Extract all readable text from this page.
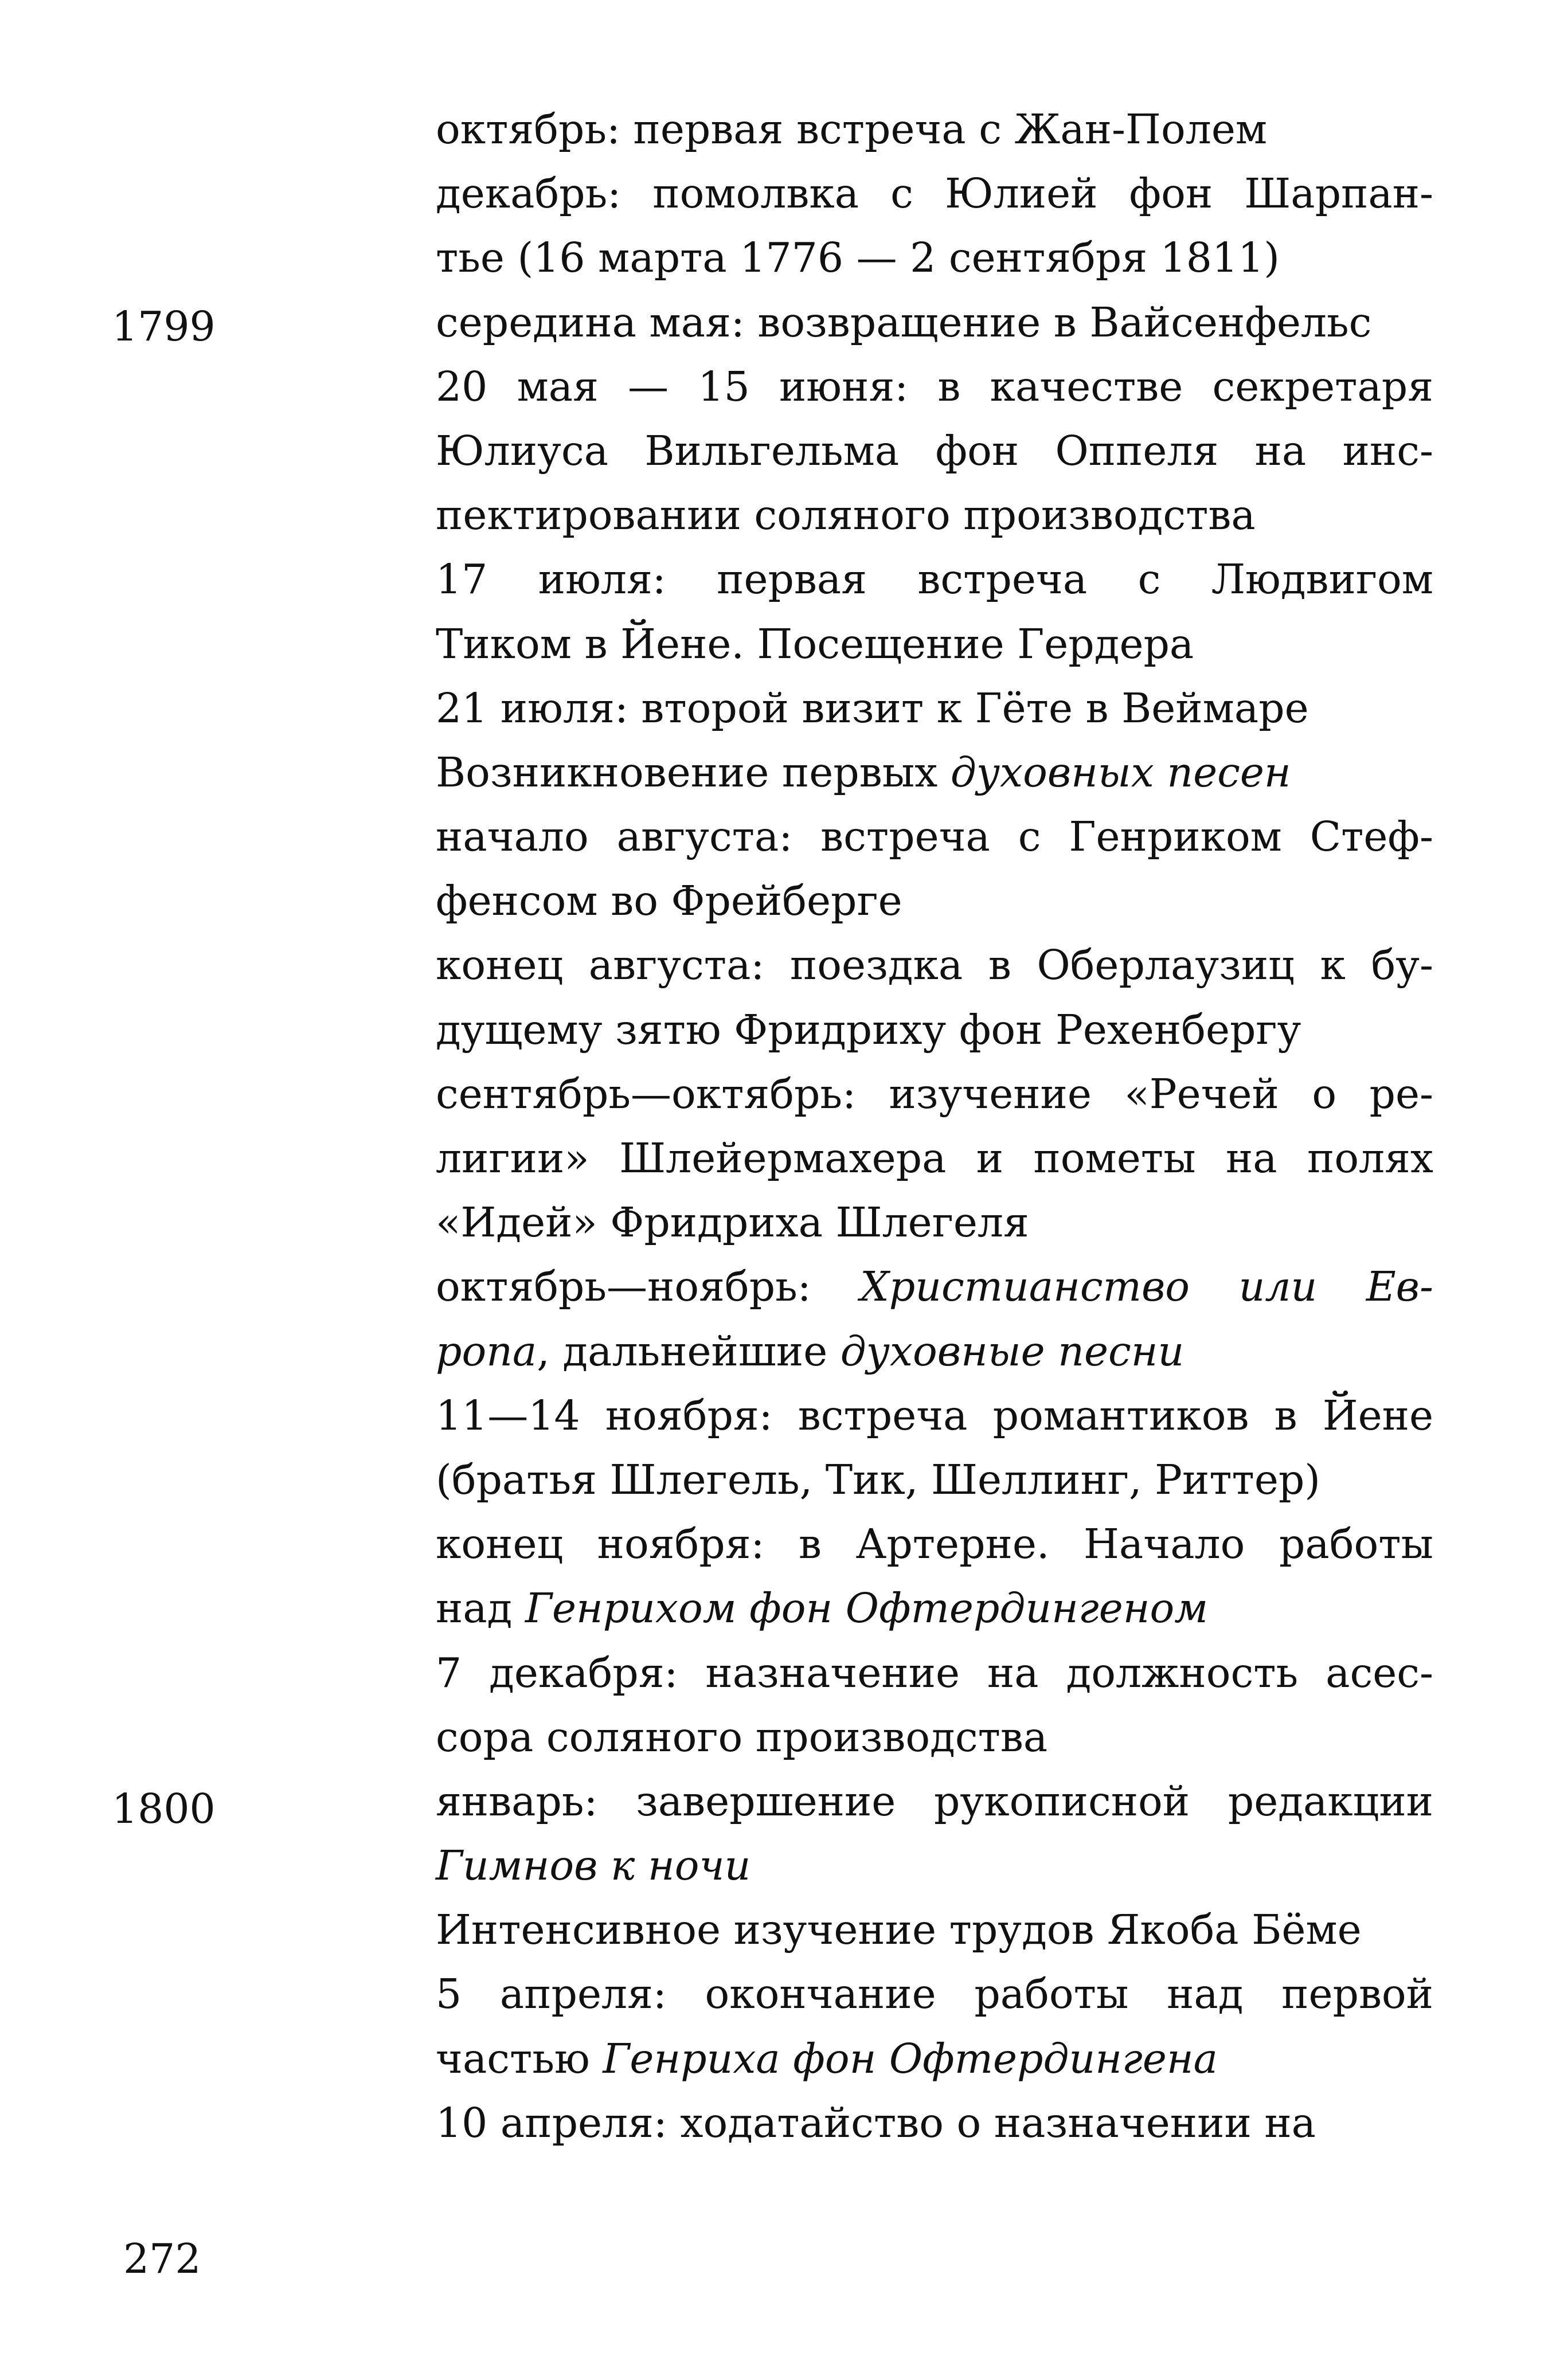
1799
1800
октябрь: первая встреча с Жан-Полем
декабрь: помолвка с Юлией фон Шарпан-
тье (16 марта 1776 — 2 сентября 1811)
середина мая: возвращение в Вайсенфельс
20 мая — 15 июня: в качестве секретаря
Юлиуса Вильгельма фон Оппеля на инс-
пектировании соляного производства
17 июля: первая встреча с Людвигом
Тиком в Йене. Посещение Гердера
21 июля: второй визит к Гёте в Веймаре
Возникновение первых духовных песен
начало августа: встреча с Генриком Стеф-
фенсом во Фрейберге
конец августа: поездка в Оберлаузиц к бу-
дущему зятю Фридриху фон Рехенбергу
сентябрь—октябрь: изучение «Речей о ре-
лигии» Шлейермахера и пометы на полях
«Идей» Фридриха Шлегеля
октябрь—ноябрь: Христианство или Ев-
ропа, дальнейшие духовные песни
11—14 ноября: встреча романтиков в Йене
(братья Шлегель, Тик, Шеллинг, Риттер)
конец ноября: в Артерне. Начало работы
над Генрихом фон Офтердингеном
7 декабря: назначение на должность асес-
сора соляного производства
январь: завершение рукописной редакции
Гимнов к ночи
Интенсивное изучение трудов Якоба Бёме
5 апреля: окончание работы над первой
частью Генриха фон Офтердингена
10 апреля: ходатайство о назначении на
272
